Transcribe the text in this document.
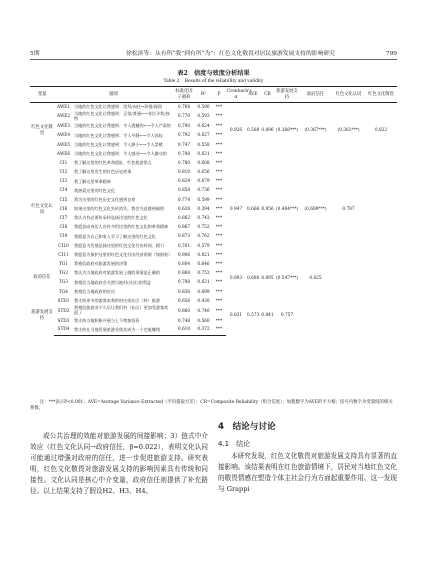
5期	徐松滨等：从有所“我”到有所“为”：红色文化敬畏对居民旅游发展支持的影响研究	799
表2　信度与效度分析结果
Table 2　Results of the reliability and validity
变量	题项		标准化因子载荷	R²	P	Cronbach's α	AVE	CR	旅游发展支持	政府信任	红色文化认同	红色文化敬畏
红色文化敬畏	AWE1	当地的红色文化让我感到：崇拜/向往→珍惜/保留	0.768	0.590	***	0.926	0.588	0.896	(0.366***)	(0.367***)	(0.361***)	0.822
	AWE2	当地的红色文化让我感到：正常/普通←→非比寻常/独特	0.770	0.593	***							
	AWE3	当地的红色文化让我感到：令人震撼的←→令人严肃的	0.790	0.624	***							
	AWE4	当地的红色文化让我感到：令人平静←→令人惊叹	0.792	0.627	***							
	AWE5	当地的红色文化让我感到：令人渺小←→令人崇敬	0.747	0.558	***							
	AWE6	当地的红色文化让我感到：令人感动←→令人激动的	0.788	0.621	***							
红色文化认同	CI1	我了解这里的红色革命遗址、红色旅游景点	0.780	0.608	***	0.947	0.666	0.956	(0.484***)	(0.689***)	0.787	
	CI2	我了解这里发生的红色历史故事	0.810	0.656	***							
	CI3	我了解这里革命精神	0.824	0.679	***							
	CI4	我热爱这里的红色文化	0.858	0.736	***							
	CI5	我为这里的红色历史文化感到自豪	0.774	0.599	***							
	CI6	如果这里的红色文化失传消失，我会为此感到痛惜	0.628	0.394	***							
	CI7	我认为有必要传承和弘扬这里的红色文化	0.862	0.743	***							
	CI8	我愿意向身边人宣传介绍这里的红色文化和革命精神	0.867	0.752	***							
	CI9	我愿意为自己和家人学习了解这里的红色文化	0.873	0.762	***							
	CI10	我愿意为发展弘扬这里的红色文化付出时间、精力	0.761	0.579	***							
	CI11	我愿意为保护这里的红色文化付出经济资源（如捐款）	0.906	0.821	***							
政府信任	TG1	我相信政府对旅游发展的决策	0.804	0.646	***	0.893	0.680	0.895	(0.547***)	0.825		
	TG2	我认为当地政府对旅游发展上做的事情是正确的	0.868	0.753	***							
	TG3	我相信当地政府会关照当地村(社区)的利益	0.788	0.621	***							
	TG4	我相信当地政府的官员	0.836	0.699	***							
旅游发展支持	STD1	我支持更多的游客来我的村庄或社区（村）旅游	0.656	0.430	***	0.831	0.573	0.841	0.757			
	STD2	我相信旅游业不久后让我们村（社区）更加受游客欢迎了	0.860	0.740	***							
	STD3	我支持当地积极开展与上下增加投资	0.748	0.560	***							
	STD4	我支持在当地发展旅游业使其成为一个定能赚钱	0.610	0.372	***							
注：***表示P<0.001；AVE=Average Variance Extracted（平均提取方差）；CR=Composite Reliability（组合信度）；加粗数字为AVE的平方根；括号内数字为变量间的相关系数。

或公共治理的效能对旅游发展的间接影响；3）链式中介效应（红色文化认同→政府信任，β=0.022），表明文化认同可能通过增强对政府的信任，进一步促进旅游支持。研究表明，红色文化敬畏对旅游发展支持的影响因素具有传统和同接性。文化认同是核心中介变量，政府信任则提供了补充路径。以上结果支持了假设H2、H3、H4。

4　结论与讨论
4.1　结论

本研究发现，红色文化敬畏对旅游发展支持具有显著的直接影响。该结果表明在红色旅游情境下，居民对当地红色文化的敬畏情感在塑造个体主社会行为方面起重要作用。这一发现与 Grappi
